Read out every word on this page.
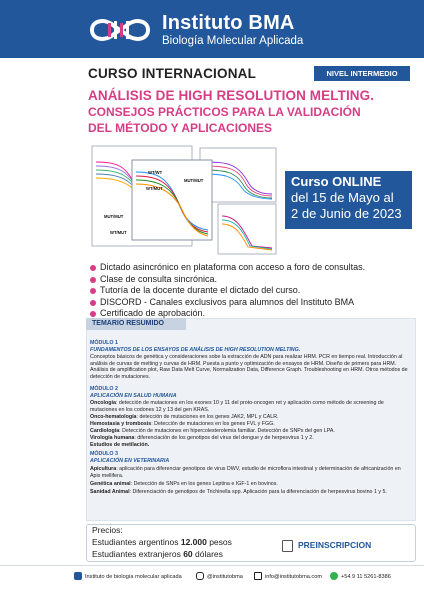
Instituto BMA
Biología Molecular Aplicada
CURSO INTERNACIONAL	NIVEL INTERMEDIO
ANÁLISIS DE HIGH RESOLUTION MELTING.
CONSEJOS PRÁCTICOS PARA LA VALIDACIÓN
DEL MÉTODO Y APLICACIONES
WT/WT
MUT/MUT
WT/MUT
MUT/MUT
WT/MUT
Curso ONLINE
del 15 de Mayo al
2 de Junio de 2023
Dictado asincrónico en plataforma con acceso a foro de consultas.
Clase de consulta sincrónica.
Tutoría de la docente durante el dictado del curso.
DISCORD - Canales exclusivos para alumnos del Instituto BMA
Certificado de aprobación.
TEMARIO RESUMIDO
MÓDULO 1
FUNDAMENTOS DE LOS ENSAYOS DE ANÁLISIS DE HIGH RESOLUTION MELTING.
Conceptos básicos de genética y consideraciones sobe la extracción de ADN para realizar HRM. PCR en tiempo real. Introducción al análisis de curvas de melting y curvas de HRM. Puesta a punto y optimización de ensayos de HRM. Diseño de primers para HRM. Análisis de amplification plot, Raw Data Melt Curve, Normalization Data, Difference Graph. Troubleshooting en HRM. Otros métodos de detección de mutaciones.
MÓDULO 2
APLICACIÓN EN SALUD HUMANA
Oncología: detección de mutaciones en los exones 10 y 11 del proto-oncogen ret y aplicación como método de screening de mutaciones en los codones 12 y 13 del gen KRAS.
Onco-hematología: detección de mutaciones en los genes JAK2, MPL y CALR.
Hemostasia y trombosis: Detección de mutaciones en los genes FVL y FGG.
Cardiología: Detección de mutaciones en hipercolesterolemia familiar. Detección de SNPs del gen LPA.
Virología humana: diferenciación de los genotipos del virus del dengue y de herpesvirus 1 y 2.
Estudios de metilación.
MÓDULO 3
APLICACIÓN EN VETERINARIA
Apicultura: aplicación para diferenciar genotipos de virus DWV, estudio de microflora intestinal y determinación de africanización en Apis mellifera.
Genética animal: Detección de SNPs en los genes Leptina e IGF-1 en bovinos.
Sanidad Animal: Diferenciación de genotipos de Trichinella spp. Aplicación para la diferenciación de herpesvirus bovino 1 y 5.
Precios:
Estudiantes argentinos 12.000 pesos
Estudiantes extranjeros 60 dólares
PREINSCRIPCION
Instituto de biología molecular aplicada	@institutobma	info@institutobma.com	+54 9 11 5261-8386
